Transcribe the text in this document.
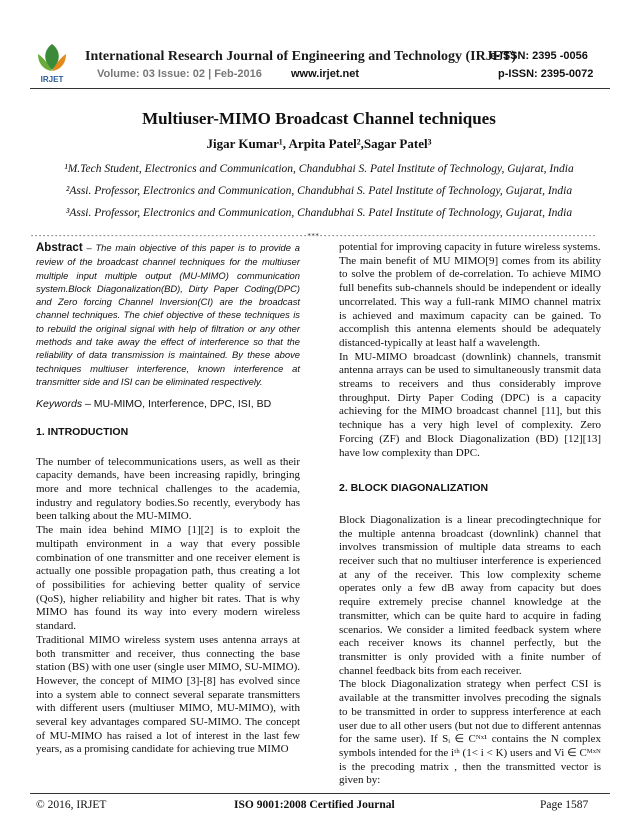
IRJET
International Research Journal of Engineering and Technology (IRJET)
e-ISSN: 2395 -0056
Volume: 03 Issue: 02 | Feb-2016	www.irjet.net	p-ISSN: 2395-0072
Multiuser-MIMO Broadcast Channel techniques
Jigar Kumar¹, Arpita Patel²,Sagar Patel³
¹M.Tech Student, Electronics and Communication, Chandubhai S. Patel Institute of Technology, Gujarat, India
²Assi. Professor, Electronics and Communication, Chandubhai S. Patel Institute of Technology, Gujarat, India
³Assi. Professor, Electronics and Communication, Chandubhai S. Patel Institute of Technology, Gujarat, India
---------------------------------------------------------------------***---------------------------------------------------------------------

Abstract – The main objective of this paper is to provide a review of the broadcast channel techniques for the multiuser multiple input multiple output (MU-MIMO) communication system.Block Diagonalization(BD), Dirty Paper Coding(DPC) and Zero forcing Channel Inversion(CI) are the broadcast channel techniques. The chief objective of these techniques is to rebuild the original signal with help of filtration or any other methods and take away the effect of interference so that the reliability of data transmission is maintained. By these above techniques multiuser interference, known interference at transmitter side and ISI can be eliminated respectively.

Keywords – MU-MIMO, Interference, DPC, ISI, BD

1. INTRODUCTION

The number of telecommunications users, as well as their capacity demands, have been increasing rapidly, bringing more and more technical challenges to the academia, industry and regulatory bodies.So recently, everybody has been talking about the MU-MIMO.

The main idea behind MIMO [1][2] is to exploit the multipath environment in a way that every possible combination of one transmitter and one receiver element is actually one possible propagation path, thus creating a lot of possibilities for achieving better quality of service (QoS), higher reliability and higher bit rates. That is why MIMO has found its way into every modern wireless standard.

Traditional MIMO wireless system uses antenna arrays at both transmitter and receiver, thus connecting the base station (BS) with one user (single user MIMO, SU-MIMO). However, the concept of MIMO [3]-[8] has evolved since into a system able to connect several separate transmitters with different users (multiuser MIMO, MU-MIMO), with several key advantages compared SU-MIMO. The concept of MU-MIMO has raised a lot of interest in the last few years, as a promising candidate for achieving true MIMO

potential for improving capacity in future wireless systems.

The main benefit of MU MIMO[9] comes from its ability to solve the problem of de-correlation. To achieve MIMO full benefits sub-channels should be independent or ideally uncorrelated. This way a full-rank MIMO channel matrix is achieved and maximum capacity can be gained. To accomplish this antenna elements should be adequately distanced-typically at least half a wavelength.

In MU-MIMO broadcast (downlink) channels, transmit antenna arrays can be used to simultaneously transmit data streams to receivers and thus considerably improve throughput. Dirty Paper Coding (DPC) is a capacity achieving for the MIMO broadcast channel [11], but this technique has a very high level of complexity. Zero Forcing (ZF) and Block Diagonalization (BD) [12][13] have low complexity than DPC.

2. BLOCK DIAGONALIZATION

Block Diagonalization is a linear precodingtechnique for the multiple antenna broadcast (downlink) channel that involves transmission of multiple data streams to each receiver such that no multiuser interference is experienced at any of the receiver. This low complexity scheme operates only a few dB away from capacity but does require extremely precise channel knowledge at the transmitter, which can be quite hard to acquire in fading scenarios. We consider a limited feedback system where each receiver knows its channel perfectly, but the transmitter is only provided with a finite number of channel feedback bits from each receiver.

The block Diagonalization strategy when perfect CSI is available at the transmitter involves precoding the signals to be transmitted in order to suppress interference at each user due to all other users (but not due to different antennas for the same user). If Sᵢ ∈ Cᴺˣ¹ contains the N complex symbols intended for the iᵗʰ (1< i < K) users and Vi ∈ Cᴹˣᴺ is the precoding matrix , then the transmitted vector is given by:

© 2016, IRJET	ISO 9001:2008 Certified Journal	Page 1587
